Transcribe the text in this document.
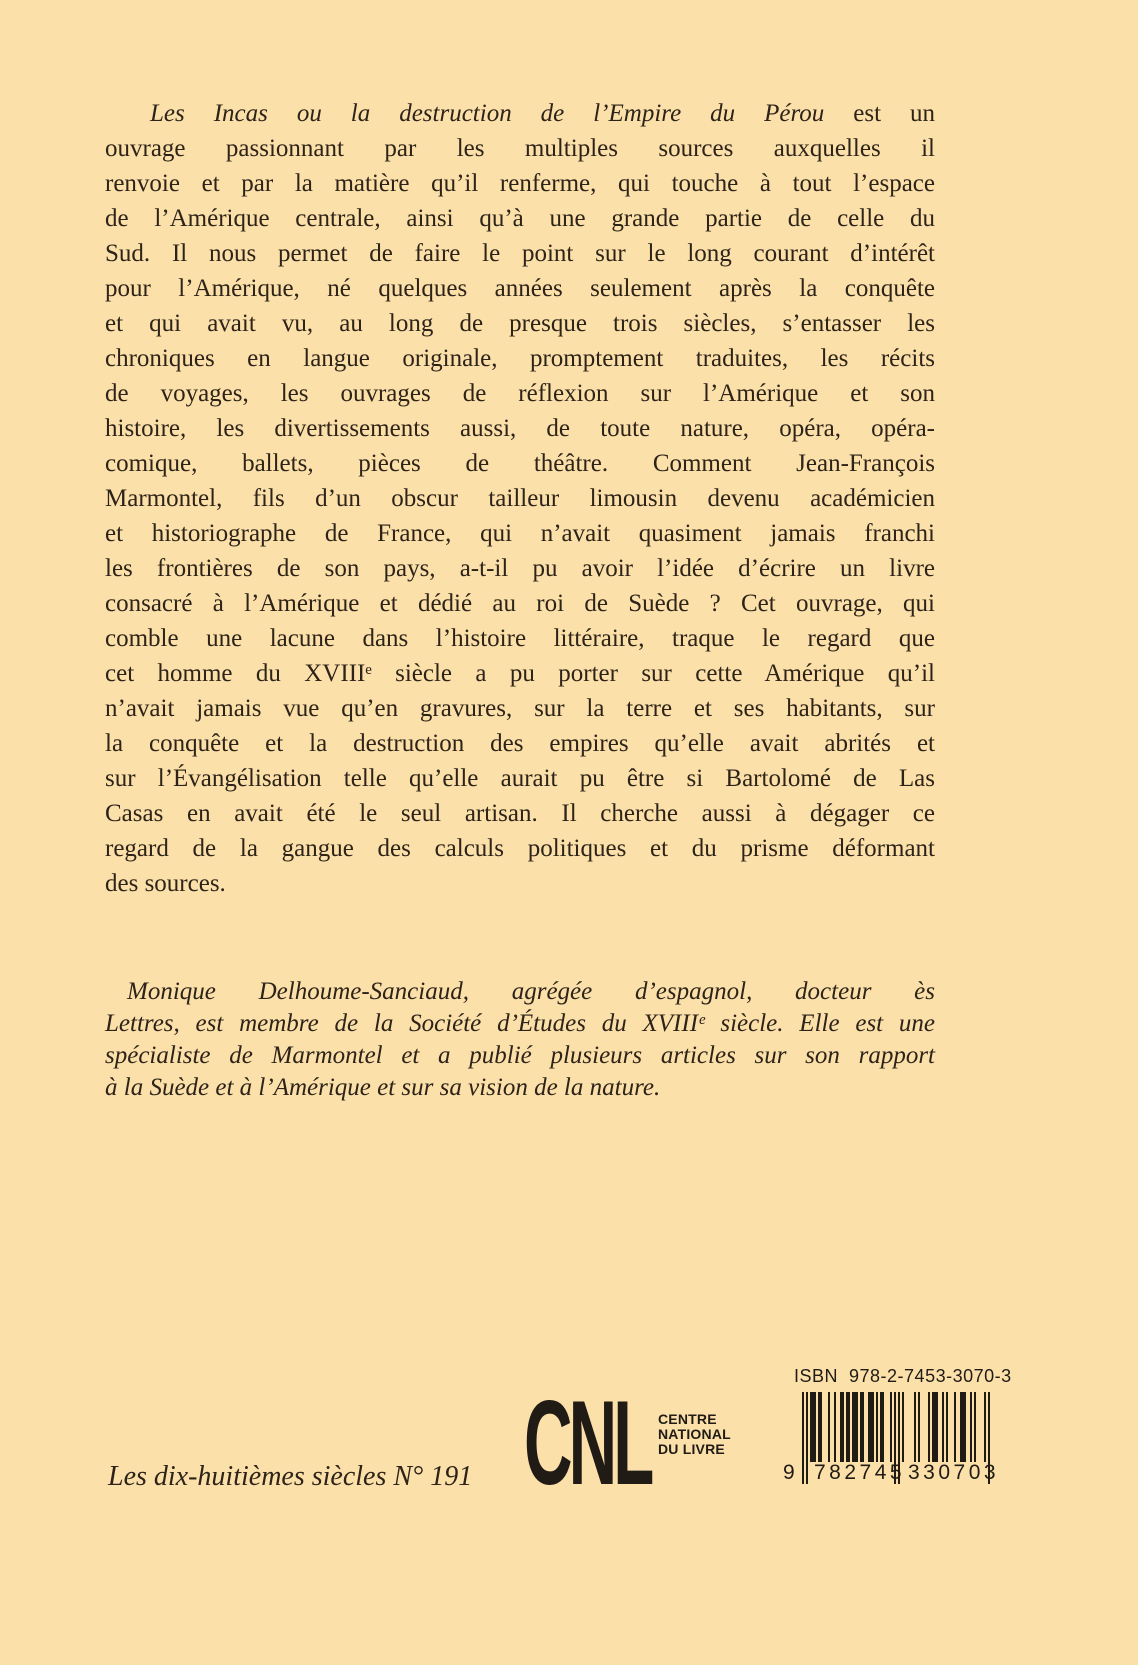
Les Incas ou la destruction de l’Empire du Pérou est un
ouvrage passionnant par les multiples sources auxquelles il
renvoie et par la matière qu’il renferme, qui touche à tout l’espace
de l’Amérique centrale, ainsi qu’à une grande partie de celle du
Sud. Il nous permet de faire le point sur le long courant d’intérêt
pour l’Amérique, né quelques années seulement après la conquête
et qui avait vu, au long de presque trois siècles, s’entasser les
chroniques en langue originale, promptement traduites, les récits
de voyages, les ouvrages de réflexion sur l’Amérique et son
histoire, les divertissements aussi, de toute nature, opéra, opéra-
comique, ballets, pièces de théâtre. Comment Jean-François
Marmontel, fils d’un obscur tailleur limousin devenu académicien
et historiographe de France, qui n’avait quasiment jamais franchi
les frontières de son pays, a-t-il pu avoir l’idée d’écrire un livre
consacré à l’Amérique et dédié au roi de Suède ? Cet ouvrage, qui
comble une lacune dans l’histoire littéraire, traque le regard que
cet homme du XVIIIᵉ siècle a pu porter sur cette Amérique qu’il
n’avait jamais vue qu’en gravures, sur la terre et ses habitants, sur
la conquête et la destruction des empires qu’elle avait abrités et
sur l’Évangélisation telle qu’elle aurait pu être si Bartolomé de Las
Casas en avait été le seul artisan. Il cherche aussi à dégager ce
regard de la gangue des calculs politiques et du prisme déformant
des sources.
Monique Delhoume-Sanciaud, agrégée d’espagnol, docteur ès
Lettres, est membre de la Société d’Études du XVIIIᵉ siècle. Elle est une
spécialiste de Marmontel et a publié plusieurs articles sur son rapport
à la Suède et à l’Amérique et sur sa vision de la nature.
Les dix-huitièmes siècles N° 191 CNL CENTRE
NATIONAL
DU LIVRE
ISBN  978-2-7453-3070-3
9 782745 330703
